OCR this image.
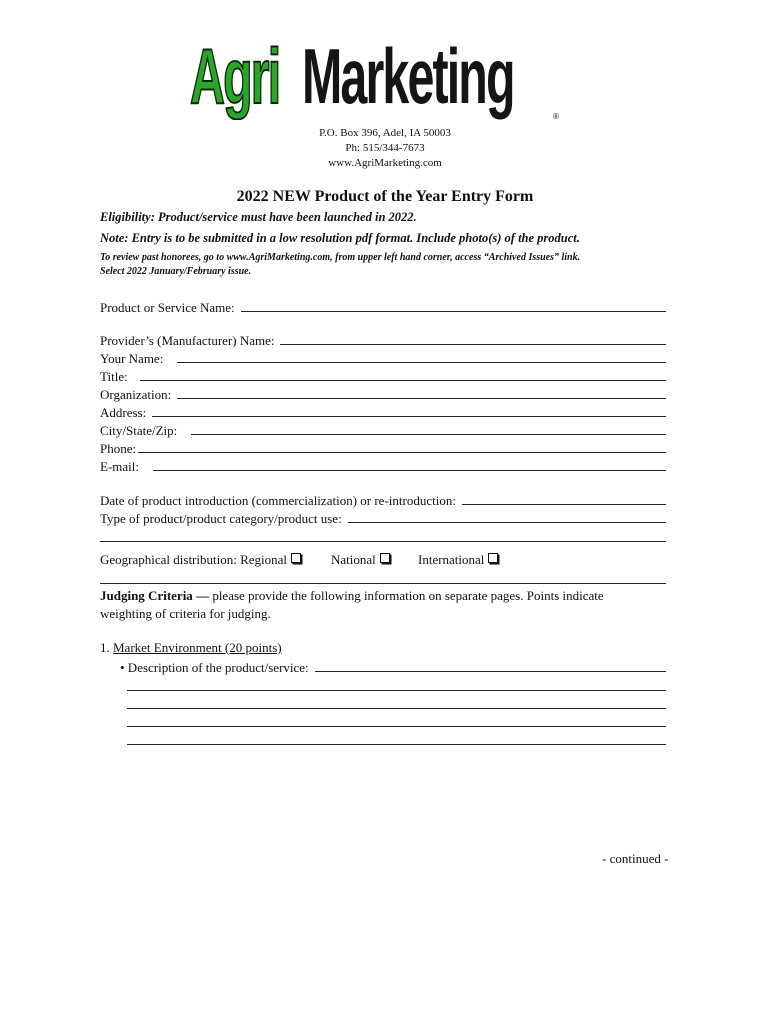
Agri Marketing	®
P.O. Box 396, Adel, IA 50003
Ph: 515/344-7673
www.AgriMarketing.com
2022 NEW Product of the Year Entry Form
Eligibility: Product/service must have been launched in 2022.
Note: Entry is to be submitted in a low resolution pdf format. Include photo(s) of the product.
To review past honorees, go to www.AgriMarketing.com, from upper left hand corner, access “Archived Issues” link.
Select 2022 January/February issue.
Product or Service Name:
Provider’s (Manufacturer) Name:
Your Name:
Title:
Organization:
Address:
City/State/Zip:
Phone:
E-mail:
Date of product introduction (commercialization) or re-introduction:
Type of product/product category/product use:
Geographical distribution: Regional	National	International
Judging Criteria — please provide the following information on separate pages. Points indicate
weighting of criteria for judging.
1. Market Environment (20 points)
• Description of the product/service:
- continued -
